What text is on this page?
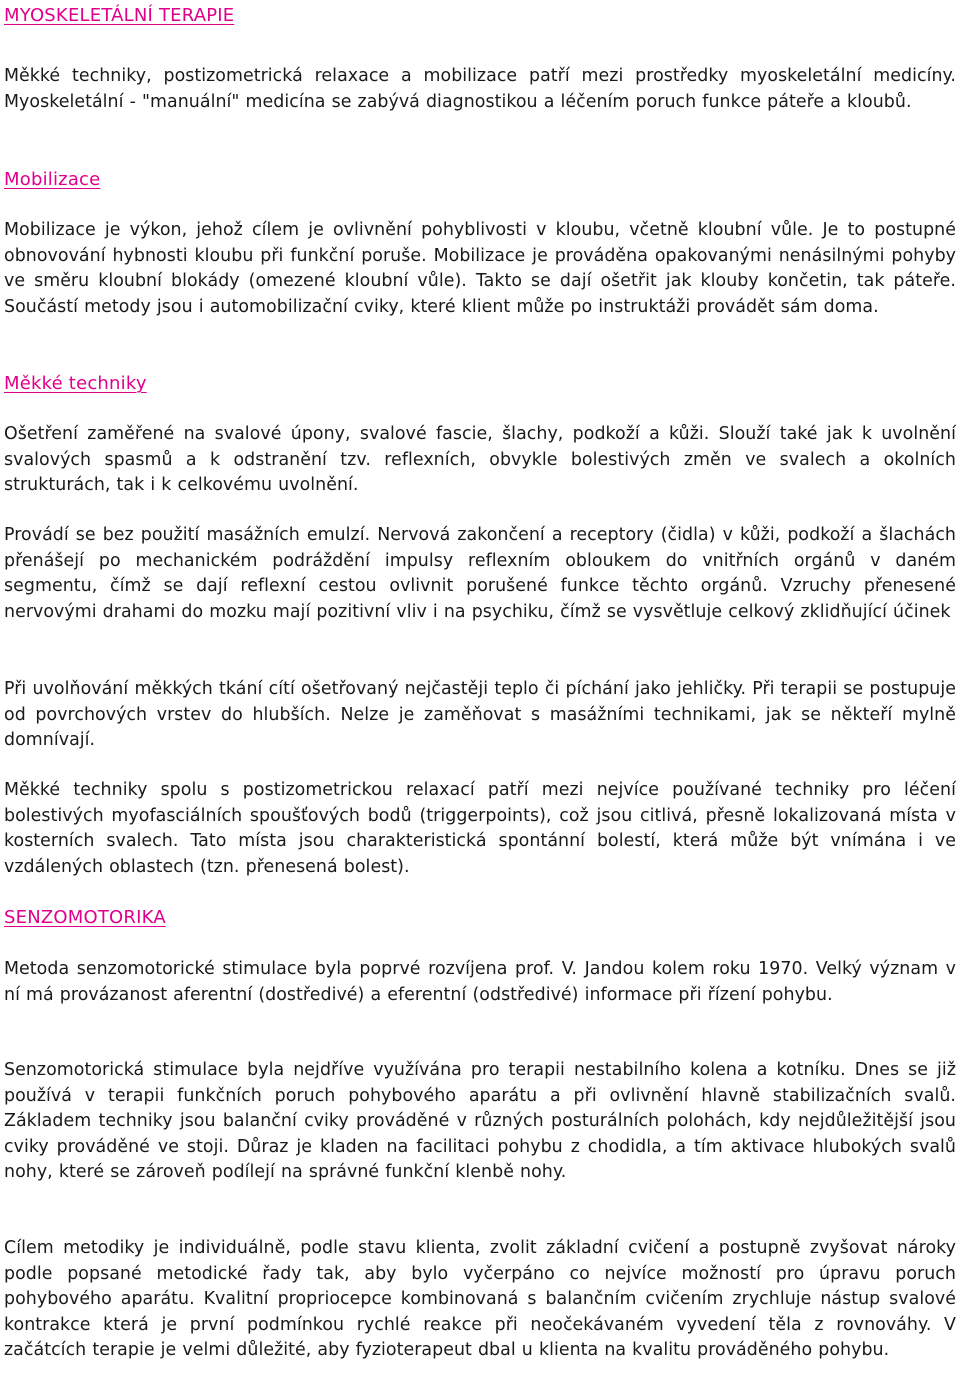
MYOSKELETÁLNÍ TERAPIE

Měkké techniky, postizometrická relaxace a mobilizace patří mezi prostředky myoskeletální medicíny. Myoskeletální - "manuální" medicína se zabývá diagnostikou a léčením poruch funkce páteře a kloubů.

Mobilizace

Mobilizace je výkon, jehož cílem je ovlivnění pohyblivosti v kloubu, včetně kloubní vůle. Je to postupné obnovování hybnosti kloubu při funkční poruše. Mobilizace je prováděna opakovanými nenásilnými pohyby ve směru kloubní blokády (omezené kloubní vůle). Takto se dají ošetřit jak klouby končetin, tak páteře. Součástí metody jsou i automobilizační cviky, které klient může po instruktáži provádět sám doma.

Měkké techniky

Ošetření zaměřené na svalové úpony, svalové fascie, šlachy, podkoží a kůži. Slouží také jak k uvolnění svalových spasmů a k odstranění tzv. reflexních, obvykle bolestivých změn ve svalech a okolních strukturách, tak i k celkovému uvolnění.

Provádí se bez použití masážních emulzí. Nervová zakončení a receptory (čidla) v kůži, podkoží a šlachách přenášejí po mechanickém podráždění impulsy reflexním obloukem do vnitřních orgánů v daném segmentu, čímž se dají reflexní cestou ovlivnit porušené funkce těchto orgánů. Vzruchy přenesené nervovými drahami do mozku mají pozitivní vliv i na psychiku, čímž se vysvětluje celkový zklidňující účinek

Při uvolňování měkkých tkání cítí ošetřovaný nejčastěji teplo či píchání jako jehličky. Při terapii se postupuje od povrchových vrstev do hlubších. Nelze je zaměňovat s masážními technikami, jak se někteří mylně domnívají.

Měkké techniky spolu s postizometrickou relaxací patří mezi nejvíce používané techniky pro léčení bolestivých myofasciálních spoušťových bodů (triggerpoints), což jsou citlivá, přesně lokalizovaná místa v kosterních svalech. Tato místa jsou charakteristická spontánní bolestí, která může být vnímána i ve vzdálených oblastech (tzn. přenesená bolest).

SENZOMOTORIKA

Metoda senzomotorické stimulace byla poprvé rozvíjena prof. V. Jandou kolem roku 1970. Velký význam v ní má provázanost aferentní (dostředivé) a eferentní (odstředivé) informace při řízení pohybu.

Senzomotorická stimulace byla nejdříve využívána pro terapii nestabilního kolena a kotníku. Dnes se již používá v terapii funkčních poruch pohybového aparátu a při ovlivnění hlavně stabilizačních svalů. Základem techniky jsou balanční cviky prováděné v různých posturálních polohách, kdy nejdůležitější jsou cviky prováděné ve stoji. Důraz je kladen na facilitaci pohybu z chodidla, a tím aktivace hlubokých svalů nohy, které se zároveň podílejí na správné funkční klenbě nohy.

Cílem metodiky je individuálně, podle stavu klienta, zvolit základní cvičení a postupně zvyšovat nároky podle popsané metodické řady tak, aby bylo vyčerpáno co nejvíce možností pro úpravu poruch pohybového aparátu. Kvalitní propriocepce kombinovaná s balančním cvičením zrychluje nástup svalové kontrakce která je první podmínkou rychlé reakce při neočekávaném vyvedení těla z rovnováhy. V začátcích terapie je velmi důležité, aby fyzioterapeut dbal u klienta na kvalitu prováděného pohybu.
